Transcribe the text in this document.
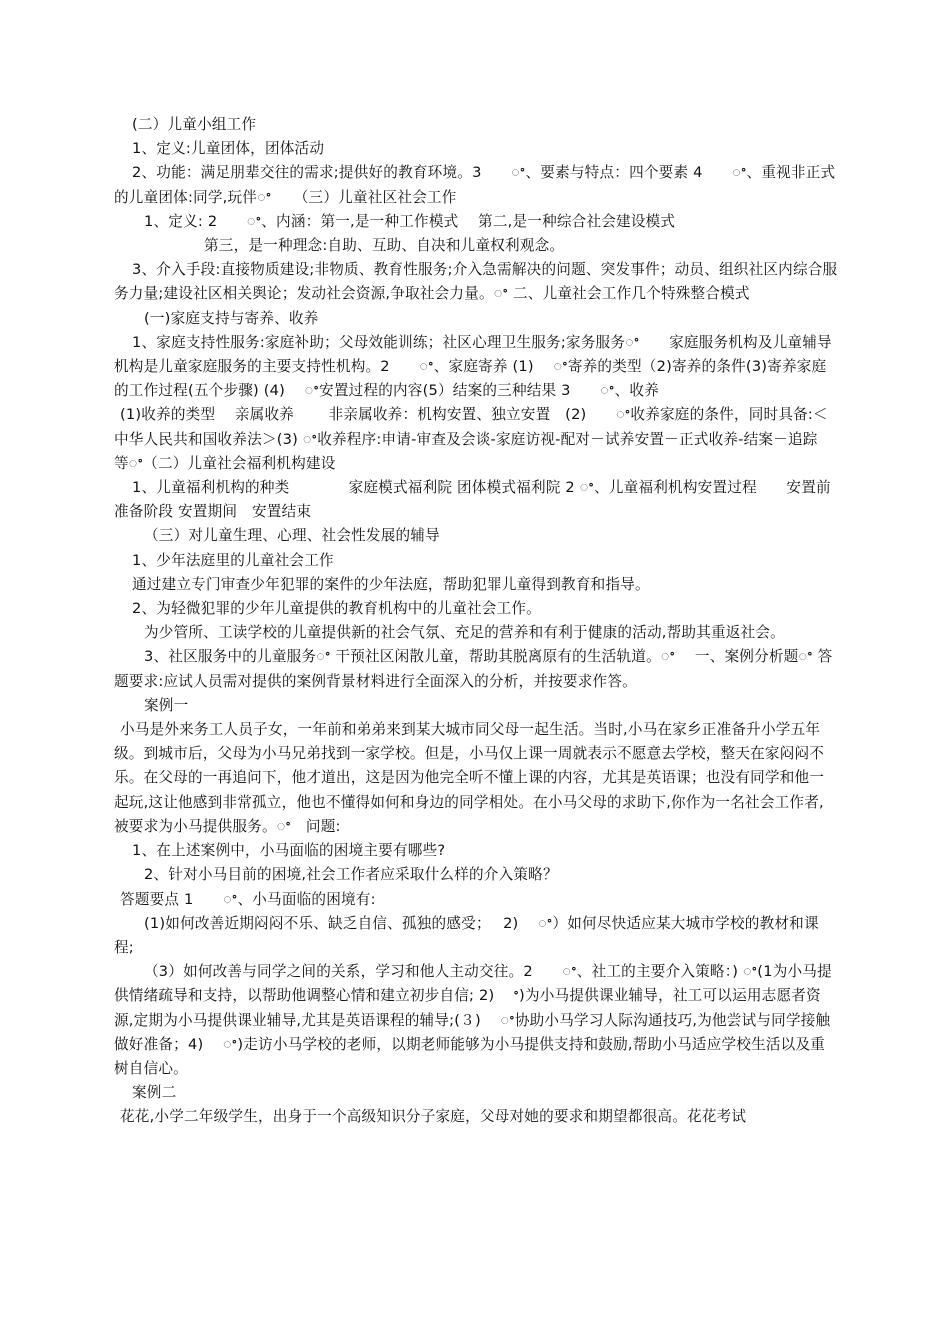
(二）儿童小组工作

1、定义:儿童团体，团体活动

2、功能：满足朋辈交往的需求;提供好的教育环境。3　　ꢀ、要素与特点：四个要素 4　　ꢀ、重视非正式的儿童团体:同学,玩伴ꢀ　　（三）儿童社区社会工作

1、定义: 2　　ꢀ、内涵：第一,是一种工作模式　 第二,是一种综合社会建设模式

第三，是一种理念:自助、互助、自决和儿童权利观念。

3、介入手段:直接物质建设;非物质、教育性服务;介入急需解决的问题、突发事件；动员、组织社区内综合服务力量;建设社区相关舆论；发动社会资源,争取社会力量。ꢀ 二、儿童社会工作几个特殊整合模式

(一)家庭支持与寄养、收养

1、家庭支持性服务:家庭补助；父母效能训练；社区心理卫生服务;家务服务ꢀ　　家庭服务机构及儿童辅导机构是儿童家庭服务的主要支持性机构。2　　ꢀ、家庭寄养 (1)　 ꢀ寄养的类型（2)寄养的条件(3)寄养家庭的工作过程(五个步骤) (4)　 ꢀ安置过程的内容(5）结案的三种结果 3　　ꢀ、收养

(1)收养的类型　 亲属收养　　 非亲属收养：机构安置、独立安置　(2)　　ꢀ收养家庭的条件，同时具备:＜中华人民共和国收养法＞(3) ꢀ收养程序:申请-审查及会谈-家庭访视-配对－试养安置－正式收养-结案－追踪等ꢀ（二）儿童社会福利机构建设

1、儿童福利机构的种类　　　　家庭模式福利院 团体模式福利院 2 ꢀ、儿童福利机构安置过程　　安置前准备阶段 安置期间　安置结束

（三）对儿童生理、心理、社会性发展的辅导

1、少年法庭里的儿童社会工作

通过建立专门审查少年犯罪的案件的少年法庭，帮助犯罪儿童得到教育和指导。

2、为轻微犯罪的少年儿童提供的教育机构中的儿童社会工作。

为少管所、工读学校的儿童提供新的社会气氛、充足的营养和有利于健康的活动,帮助其重返社会。

3、社区服务中的儿童服务ꢀ 干预社区闲散儿童，帮助其脱离原有的生活轨道。ꢀ　 一、案例分析题ꢀ 答题要求:应试人员需对提供的案例背景材料进行全面深入的分析，并按要求作答。

案例一

小马是外来务工人员子女，一年前和弟弟来到某大城市同父母一起生活。当时,小马在家乡正准备升小学五年级。到城市后，父母为小马兄弟找到一家学校。但是，小马仅上课一周就表示不愿意去学校，整天在家闷闷不乐。在父母的一再追问下，他才道出，这是因为他完全听不懂上课的内容，尤其是英语课；也没有同学和他一起玩,这让他感到非常孤立，他也不懂得如何和身边的同学相处。在小马父母的求助下,你作为一名社会工作者,被要求为小马提供服务。ꢀ　问题:

1、在上述案例中，小马面临的困境主要有哪些?

2、针对小马目前的困境,社会工作者应采取什么样的介入策略？

答题要点 1　　ꢀ、小马面临的困境有:

(1)如何改善近期闷闷不乐、缺乏自信、孤独的感受；　 2)　 ꢀ）如何尽快适应某大城市学校的教材和课程;

（3）如何改善与同学之间的关系，学习和他人主动交往。2　　ꢀ、社工的主要介入策略：) ꢀ(1为小马提供情绪疏导和支持，以帮助他调整心情和建立初步自信; 2)　 ꢀ)为小马提供课业辅导，社工可以运用志愿者资源,定期为小马提供课业辅导,尤其是英语课程的辅导;(３)　 ꢀ协助小马学习人际沟通技巧,为他尝试与同学接触做好准备；4)　 ꢀ)走访小马学校的老师，以期老师能够为小马提供支持和鼓励,帮助小马适应学校生活以及重树自信心。

案例二

花花,小学二年级学生，出身于一个高级知识分子家庭，父母对她的要求和期望都很高。花花考试
